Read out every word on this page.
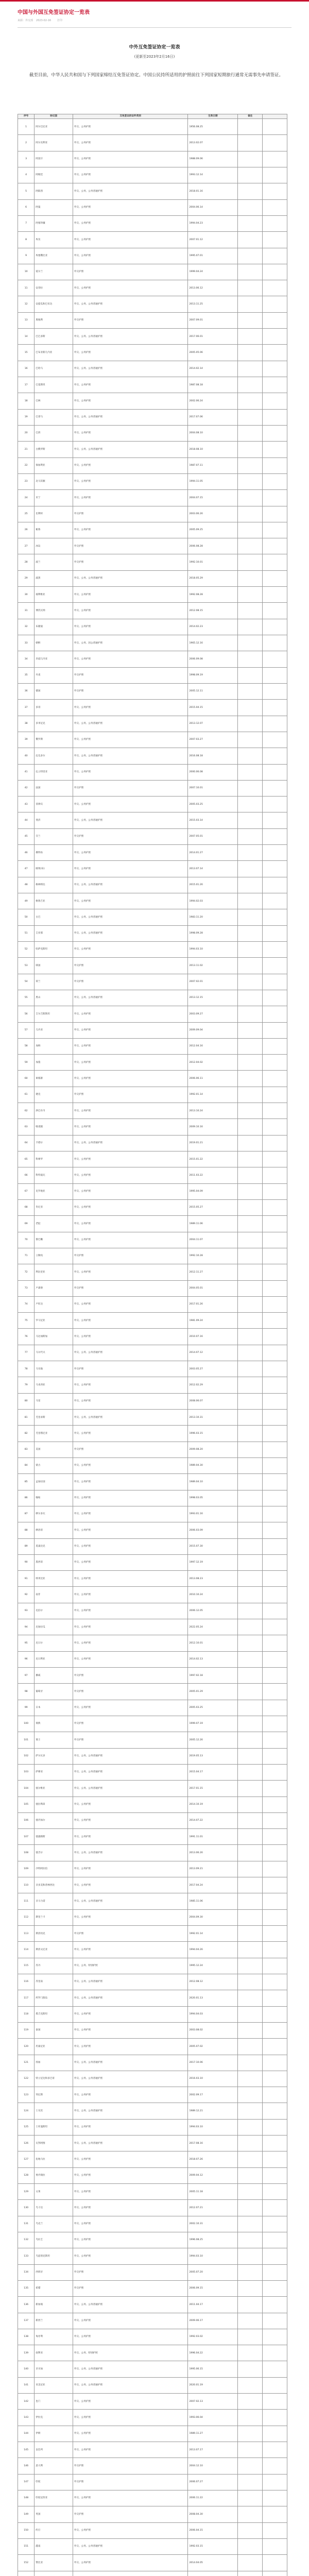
中国与外国互免签证协定一览表
来源：外交部 2023-02-16 打印
中外互免签证协定一览表
(更新至2023年2月16日)
截至目前，中华人民共和国与下列国家缔结互免签证协定。中国公民持所适用的护照前往下列国家短期旅行通常无需事先申请签证。
序号	协议国	互免签证的证件类别	生效日期	备注	
1	阿尔巴尼亚	外交、公务护照	1956.08.25		
2	阿尔及利亚	外交、公务护照	2013.02.07		
3	阿富汗	外交、公务护照	1988.09.06		
4	阿根廷	外交、公务护照	1993.12.14		
5	阿联酋	外交、公务、公务普通护照	2018.01.16		
6	阿曼	外交、公务护照	2004.06.14		
7	阿塞拜疆	外交、公务护照	1994.04.23		
8	埃及	外交、公务护照	2007.01.12		
9	埃塞俄比亚	外交、公务护照	1995.07.01		
10	爱尔兰	外交护照	1999.04.24		
11	安哥拉	外交、公务护照	2013.06.12		
12	安提瓜和巴布达	外交、公务、公务普通护照	2013.11.25		
13	奥地利	外交护照	2007.09.01		
14	巴巴多斯	外交、公务、公务普通护照	2017.06.01		
15	巴布亚新几内亚	外交、公务护照	2005.05.06		
16	巴哈马	外交、公务、公务普通护照	2014.02.14		
17	巴基斯坦	外交、公务护照	1987.08.18		
18	巴林	外交、公务护照	2002.06.24		
19	巴拿马	外交、公务、公务普通护照	2017.07.06		
20	巴西	外交、公务护照	2004.08.10		
21	白俄罗斯	外交、公务、公务普通护照	2018.08.10		
22	保加利亚	外交、公务护照	1987.07.11		
23	北马其顿	外交、公务护照	1994.11.05		
24	贝宁	外交、公务护照	2004.07.15		
25	比利时	外交护照	2003.06.26		
26	秘鲁	外交、公务护照	2005.09.25		
27	冰岛	外交护照	2006.08.28		
28	波兰	外交护照	1992.10.01		
29	波黑	外交、公务、公务普通护照	2018.05.29		
30	玻利维亚	外交、公务护照	1992.08.28		
31	博茨瓦纳	外交、公务护照	2012.08.15		
32	布隆迪	外交、公务护照	2014.02.23		
33	朝鲜	外交、公务、因公普通护照	1965.12.16		
34	赤道几内亚	外交、公务护照	2006.09.08		
35	丹麦	外交护照	1998.09.19		
36	德国	外交护照	2005.12.11		
37	多哥	外交、公务护照	2015.04.15		
38	多米尼克	外交、公务、公务普通护照	2013.12.07		
39	俄罗斯	外交、公务护照	2007.03.27		
40	厄瓜多尔	外交、公务、公务普通护照	2016.08.18		
41	厄立特里亚	外交、公务护照	2000.06.08		
42	法国	外交护照	2007.10.01		
43	菲律宾	外交、公务护照	2005.03.25		
44	斐济	外交、公务、公务普通护照	2015.03.14		
45	芬兰	外交护照	2007.05.01		
46	佛得角	外交、公务护照	2014.01.27		
47	刚果(布)	外交、公务护照	2013.07.14		
48	格林纳达	外交、公务、公务普通护照	2015.01.26		
49	格鲁吉亚	外交、公务护照	1994.02.03		
50	古巴	外交、公务、公务普通护照	1983.11.20		
51	圭亚那	外交、公务、公务普通护照	1998.09.28		
52	哈萨克斯坦	外交、公务护照	1994.03.10		
53	韩国	外交护照	2013.11.02		
54	荷兰	外交护照	2007.02.01		
55	黑山	外交、公务、公务普通护照	2013.12.15		
56	吉尔吉斯斯坦	外交、公务护照	2003.09.27		
57	几内亚	外交、公务护照	2009.09.04		
58	加纳	外交、公务护照	2012.04.16		
59	加蓬	外交、公务护照	2012.04.02		
60	柬埔寨	外交、公务护照	2006.06.11		
61	捷克	外交护照	1992.01.14		
62	津巴布韦	外交、公务护照	2013.10.24		
63	喀麦隆	外交、公务护照	2009.10.16		
64	卡塔尔	外交、公务、公务普通护照	2019.01.21		
65	科摩罗	外交、公务护照	2015.01.22		
66	科特迪瓦	外交、公务护照	2011.03.22		
67	克罗地亚	外交、公务护照	1995.04.09		
68	肯尼亚	外交、公务护照	2015.05.27		
69	老挝	外交、公务护照	1989.11.06		
70	黎巴嫩	外交、公务护照	2004.11.07		
71	立陶宛	外交护照	1992.10.28		
72	利比里亚	外交、公务护照	2012.11.27		
73	卢森堡	外交护照	2004.05.01		
74	卢旺达	外交、公务护照	2017.01.26		
75	罗马尼亚	外交、公务护照	1981.09.24		
76	马达加斯加	外交、公务护照	2010.07.16		
77	马尔代夫	外交、公务、公务普通护照	2014.07.12		
78	马耳他	外交护照	2003.05.27		
79	马来西亚	外交、公务护照	2012.02.29		
80	马里	外交、公务护照	2008.06.07		
81	毛里求斯	外交、公务、公务普通护照	2013.10.31		
82	毛里塔尼亚	外交、公务护照	1996.03.15		
83	美国	外交护照	2009.08.20		
84	蒙古	外交、公务护照	1989.04.30		
85	孟加拉国	外交、公务护照	1989.04.10		
86	缅甸	外交、公务护照	1998.03.05		
87	摩尔多瓦	外交、公务护照	1993.01.16		
88	摩洛哥	外交、公务护照	2006.03.09		
89	莫桑比克	外交、公务护照	2015.07.30		
90	墨西哥	外交、公务护照	1997.12.19		
91	纳米比亚	外交、公务护照	2013.08.23		
92	南非	外交、公务护照	2010.10.24		
93	尼泊尔	外交、公务护照	2006.12.05		
94	尼加拉瓜	外交、公务护照	2022.05.24		
95	尼日尔	外交、公务护照	2012.10.01		
96	尼日利亚	外交、公务护照	2014.02.13		
97	挪威	外交护照	1997.02.18		
98	葡萄牙	外交护照	2005.01.29		
99	日本	外交、公务护照	2005.03.25		
100	瑞典	外交护照	1999.07.19		
101	瑞士	外交护照	2005.12.26		
102	萨尔瓦多	外交、公务、公务普通护照	2019.05.13		
103	萨摩亚	外交、公务、公务普通护照	2015.04.17		
104	塞尔维亚	外交、公务、公务普通护照	2017.01.15		
105	塞拉利昂	外交、公务护照	2014.10.19		
106	塞内加尔	外交、公务护照	2014.07.22		
107	塞浦路斯	外交、公务护照	1991.11.01		
108	塞舌尔	外交、公务、公务普通护照	2013.06.26		
109	沙特阿拉伯	外交、公务护照	2013.09.21		
110	圣多美和普林西比	外交、公务护照	2017.04.24		
111	圣马力诺	外交、公务、公务普通护照	1985.11.06		
112	斯里兰卡	外交、公务护照	2004.09.30		
113	斯洛伐克	外交护照	1992.01.14		
114	斯洛文尼亚	外交、公务护照	1994.04.26		
115	苏丹	外交、公务、特别护照	1995.12.24		
116	苏里南	外交、公务、公务普通护照	2012.08.12		
117	所罗门群岛	外交、公务、公务普通护照	2020.01.13		
118	塔吉克斯坦	外交、公务护照	1994.04.03		
119	泰国	外交、公务护照	2003.08.02		
120	坦桑尼亚	外交、公务护照	2005.07.02		
121	汤加	外交、公务、公务普通护照	2017.10.06		
122	特立尼达和多巴哥	外交、公务、公务普通护照	2016.03.10		
123	突尼斯	外交、公务护照	2002.09.17		
124	土耳其	外交、公务、公务普通护照	1989.12.21		
125	土库曼斯坦	外交、公务护照	1994.03.10		
126	瓦努阿图	外交、公务、公务普通护照	2017.08.16		
127	危地马拉	外交、公务护照	2018.07.26		
128	委内瑞拉	外交、公务护照	2009.04.12		
129	文莱	外交、公务护照	2005.11.18		
130	乌干达	外交、公务护照	2012.07.21		
131	乌克兰	外交、公务护照	2002.10.31		
132	乌拉圭	外交、公务护照	1996.08.25		
133	乌兹别克斯坦	外交、公务护照	1994.03.10		
134	西班牙	外交护照	2005.07.20		
135	希腊	外交护照	2006.09.15		
136	新加坡	外交、公务、公务普通护照	2011.04.17		
137	新西兰	外交、公务护照	2009.06.17		
138	匈牙利	外交、公务护照	1992.03.02		
139	叙利亚	外交、公务、特别护照	1996.04.22		
140	牙买加	外交、公务、公务普通护照	1995.06.15		
141	亚美尼亚	外交、公务、公务普通护照	2020.01.19		
142	也门	外交、公务护照	2007.02.13		
143	伊拉克	外交、公务护照	1993.06.04		
144	伊朗	外交、公务护照	1989.11.27		
145	以色列	外交、公务护照	2013.07.17		
146	意大利	外交护照	2004.12.10		
147	印度	外交护照	2006.07.27		
148	印度尼西亚	外交、公务护照	2006.11.22		
149	英国	外交护照	2008.04.30		
150	约旦	外交、公务护照	2006.04.15		
151	越南	外交、公务、公务普通护照	1992.03.15		
152	赞比亚	外交、公务护照	2014.04.05		
